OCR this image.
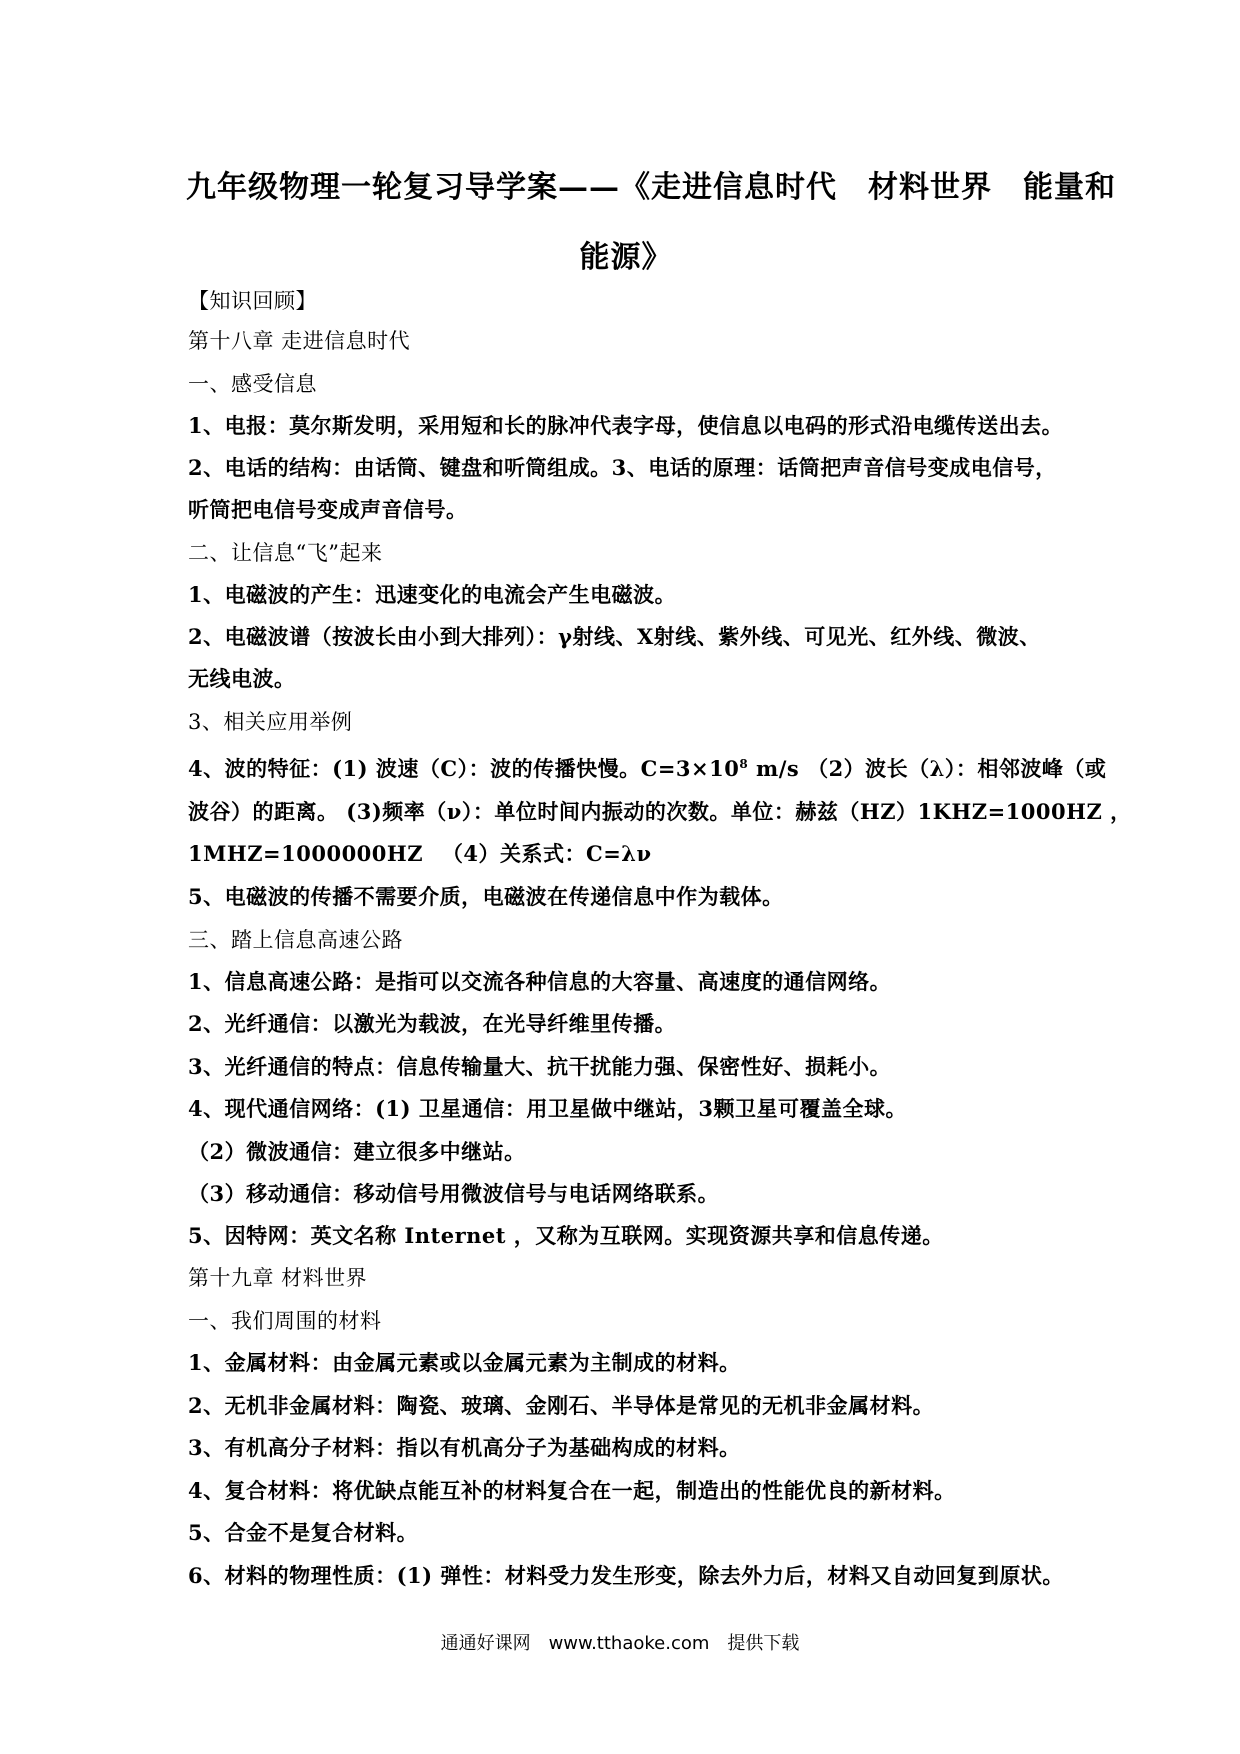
九年级物理一轮复习导学案——《走进信息时代　材料世界　能量和
能源》
【知识回顾】
第十八章 走进信息时代
一、感受信息
1、电报：莫尔斯发明，采用短和长的脉冲代表字母，使信息以电码的形式沿电缆传送出去。
2、电话的结构：由话筒、键盘和听筒组成。3、电话的原理：话筒把声音信号变成电信号，
听筒把电信号变成声音信号。
二、让信息“飞”起来
1、电磁波的产生：迅速变化的电流会产生电磁波。
2、电磁波谱（按波长由小到大排列）：γ射线、X射线、紫外线、可见光、红外线、微波、
无线电波。
3、相关应用举例
4、波的特征：(1) 波速（C）：波的传播快慢。$C=3\times 10^8$ m/s （2）波长（λ）：相邻波峰（或
波谷）的距离。 (3)频率（ν）：单位时间内振动的次数。单位：赫兹（HZ）1KHZ=1000HZ ，
1MHZ=1000000HZ 　（4）关系式：C=λν
5、电磁波的传播不需要介质，电磁波在传递信息中作为载体。
三、踏上信息高速公路
1、信息高速公路：是指可以交流各种信息的大容量、高速度的通信网络。
2、光纤通信：以激光为载波，在光导纤维里传播。
3、光纤通信的特点：信息传输量大、抗干扰能力强、保密性好、损耗小。
4、现代通信网络：(1) 卫星通信：用卫星做中继站，3颗卫星可覆盖全球。
（2）微波通信：建立很多中继站。
（3）移动通信：移动信号用微波信号与电话网络联系。
5、因特网：英文名称 Internet ，又称为互联网。实现资源共享和信息传递。
第十九章 材料世界
一、我们周围的材料
1、金属材料：由金属元素或以金属元素为主制成的材料。
2、无机非金属材料：陶瓷、玻璃、金刚石、半导体是常见的无机非金属材料。
3、有机高分子材料：指以有机高分子为基础构成的材料。
4、复合材料：将优缺点能互补的材料复合在一起，制造出的性能优良的新材料。
5、合金不是复合材料。
6、材料的物理性质：(1) 弹性：材料受力发生形变，除去外力后，材料又自动回复到原状。
通通好课网　www.tthaoke.com　提供下载
